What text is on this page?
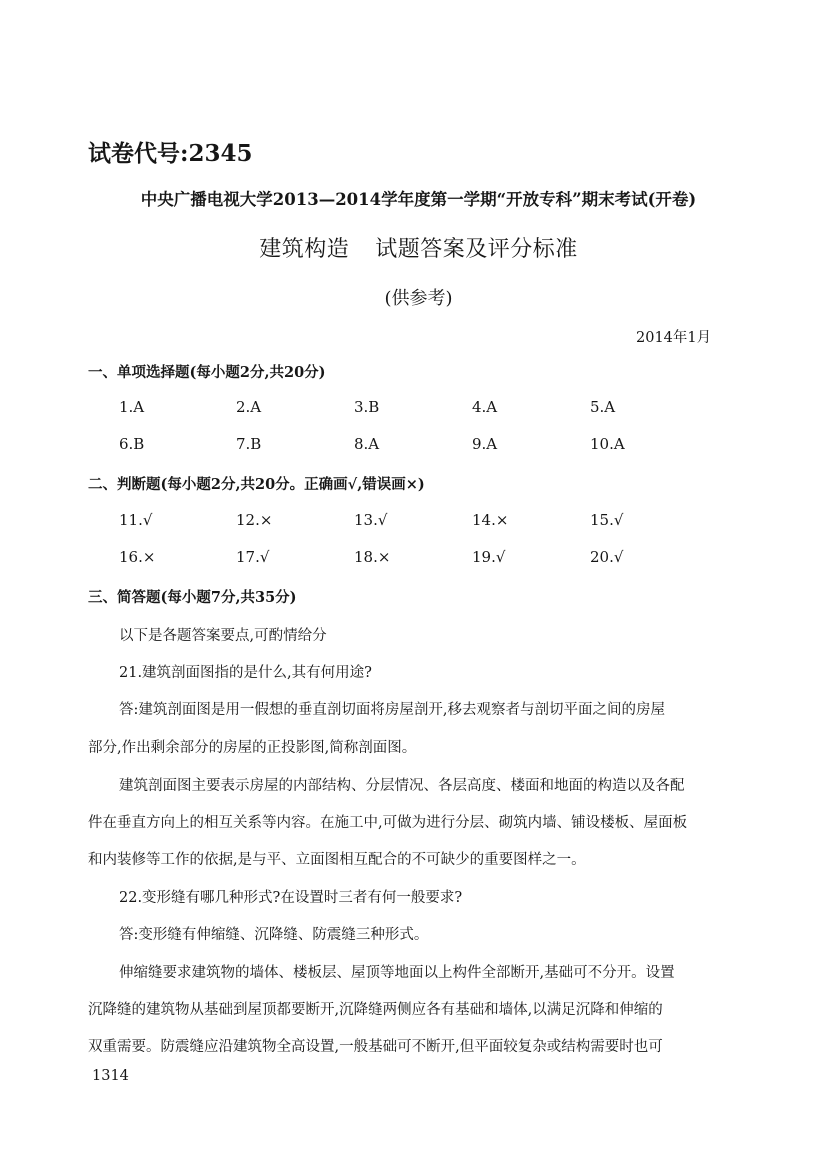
试卷代号:2345
中央广播电视大学2013—2014学年度第一学期“开放专科”期末考试(开卷)
建筑构造 试题答案及评分标准
(供参考)
2014年1月
一、单项选择题(每小题2分,共20分)
1.A	2.A	3.B	4.A	5.A
6.B	7.B	8.A	9.A	10.A
二、判断题(每小题2分,共20分。正确画√,错误画×)
11.√	12.×	13.√	14.×	15.√
16.×	17.√	18.×	19.√	20.√
三、简答题(每小题7分,共35分)
以下是各题答案要点,可酌情给分
21.建筑剖面图指的是什么,其有何用途?
答:建筑剖面图是用一假想的垂直剖切面将房屋剖开,移去观察者与剖切平面之间的房屋
部分,作出剩余部分的房屋的正投影图,简称剖面图。
建筑剖面图主要表示房屋的内部结构、分层情况、各层高度、楼面和地面的构造以及各配
件在垂直方向上的相互关系等内容。在施工中,可做为进行分层、砌筑内墙、铺设楼板、屋面板
和内装修等工作的依据,是与平、立面图相互配合的不可缺少的重要图样之一。
22.变形缝有哪几种形式?在设置时三者有何一般要求?
答:变形缝有伸缩缝、沉降缝、防震缝三种形式。
伸缩缝要求建筑物的墙体、楼板层、屋顶等地面以上构件全部断开,基础可不分开。设置
沉降缝的建筑物从基础到屋顶都要断开,沉降缝两侧应各有基础和墙体,以满足沉降和伸缩的
双重需要。防震缝应沿建筑物全高设置,一般基础可不断开,但平面较复杂或结构需要时也可
1314
